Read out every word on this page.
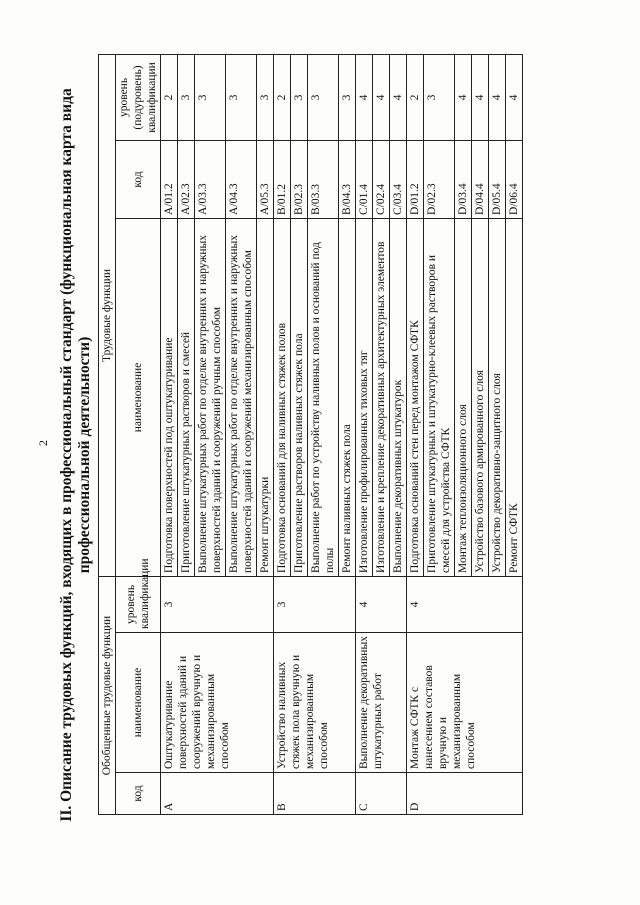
2 II. Описание трудовых функций, входящих в профессиональный стандарт (функциональная карта вида профессиональной деятельности)
Обобщенные трудовые функции			Трудовые функции		
код	наименование	уровень квалификации	наименование	код	уровень (подуровень) квалификации
A	Оштукатуривание поверхностей зданий и сооружений вручную и механизированным способом	3	Подготовка поверхностей под оштукатуривание	A/01.2	2
			Приготовление штукатурных растворов и смесей	A/02.3	3
			Выполнение штукатурных работ по отделке внутренних и наружных поверхностей зданий и сооружений ручным способом	A/03.3	3
			Выполнение штукатурных работ по отделке внутренних и наружных поверхностей зданий и сооружений механизированным способом	A/04.3	3
			Ремонт штукатурки	A/05.3	3
B	Устройство наливных стяжек пола вручную и механизированным способом	3	Подготовка оснований для наливных стяжек полов	B/01.2	2
			Приготовление растворов наливных стяжек пола	B/02.3	3
			Выполнение работ по устройству наливных полов и оснований под полы	B/03.3	3
			Ремонт наливных стяжек пола	B/04.3	3
C	Выполнение декоративных штукатурных работ	4	Изготовление профилированных тиховых тяг	C/01.4	4
			Изготовление и крепление декоративных архитектурных элементов	C/02.4	4
			Выполнение декоративных штукатурок	C/03.4	4
D	Монтаж СФТК с нанесением составов вручную и механизированным способом	4	Подготовка оснований стен перед монтажом СФТК	D/01.2	2
			Приготовление штукатурных и штукатурно-клеевых растворов и смесей для устройства СФТК	D/02.3	3
			Монтаж теплоизоляционного слоя	D/03.4	4
			Устройство базового армированного слоя	D/04.4	4
			Устройство декоративно-защитного слоя	D/05.4	4
			Ремонт СФТК	D/06.4	4
